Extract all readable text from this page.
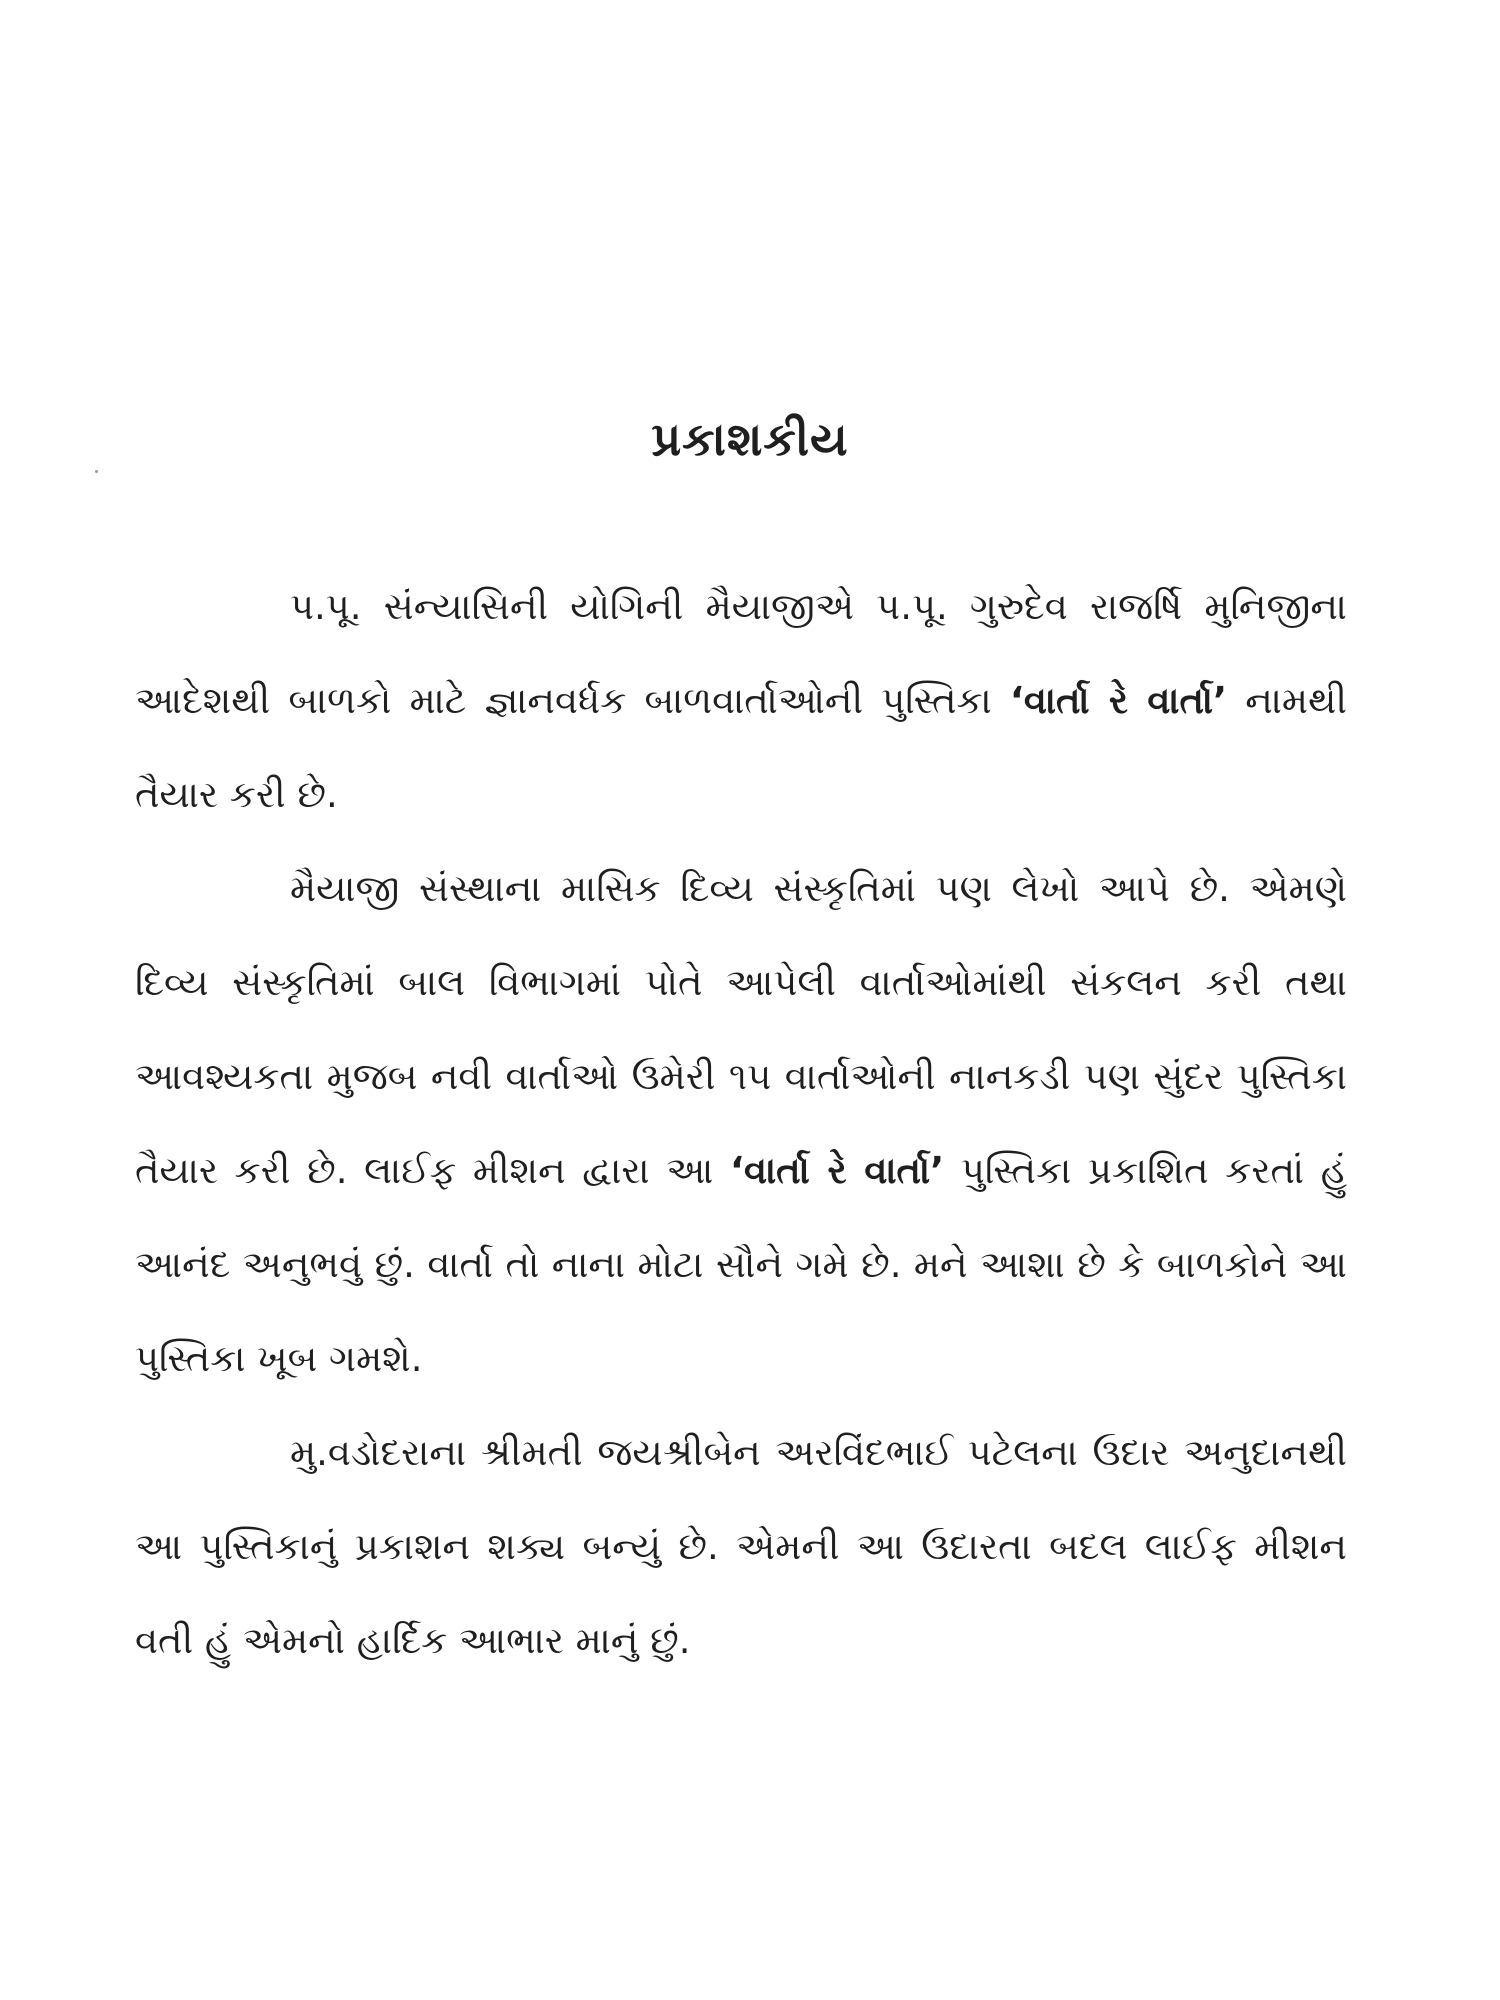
પ્રકાશકીય

પ.પૂ. સંન્યાસિની યોગિની મૈયાજીએ પ.પૂ. ગુરુદેવ રાજર્ષિ મુનિજીના આદેશથી બાળકો માટે જ્ઞાનવર્ધક બાળવાર્તાઓની પુસ્તિકા ‘વાર્તા રે વાર્તા’ નામથી તૈયાર કરી છે.

મૈયાજી સંસ્થાના માસિક દિવ્ય સંસ્કૃતિમાં પણ લેખો આપે છે. એમણે દિવ્ય સંસ્કૃતિમાં બાલ વિભાગમાં પોતે આપેલી વાર્તાઓમાંથી સંકલન કરી તથા આવશ્યકતા મુજબ નવી વાર્તાઓ ઉમેરી ૧૫ વાર્તાઓની નાનકડી પણ સુંદર પુસ્તિકા તૈયાર કરી છે. લાઈફ મીશન દ્વારા આ ‘વાર્તા રે વાર્તા’ પુસ્તિકા પ્રકાશિત કરતાં હું આનંદ અનુભવું છું. વાર્તા તો નાના મોટા સૌને ગમે છે. મને આશા છે કે બાળકોને આ પુસ્તિકા ખૂબ ગમશે.

મુ.વડોદરાના શ્રીમતી જયશ્રીબેન અરવિંદભાઈ પટેલના ઉદાર અનુદાનથી આ પુસ્તિકાનું પ્રકાશન શક્ય બન્યું છે. એમની આ ઉદારતા બદલ લાઈફ મીશન વતી હું એમનો હાર્દિક આભાર માનું છું.
